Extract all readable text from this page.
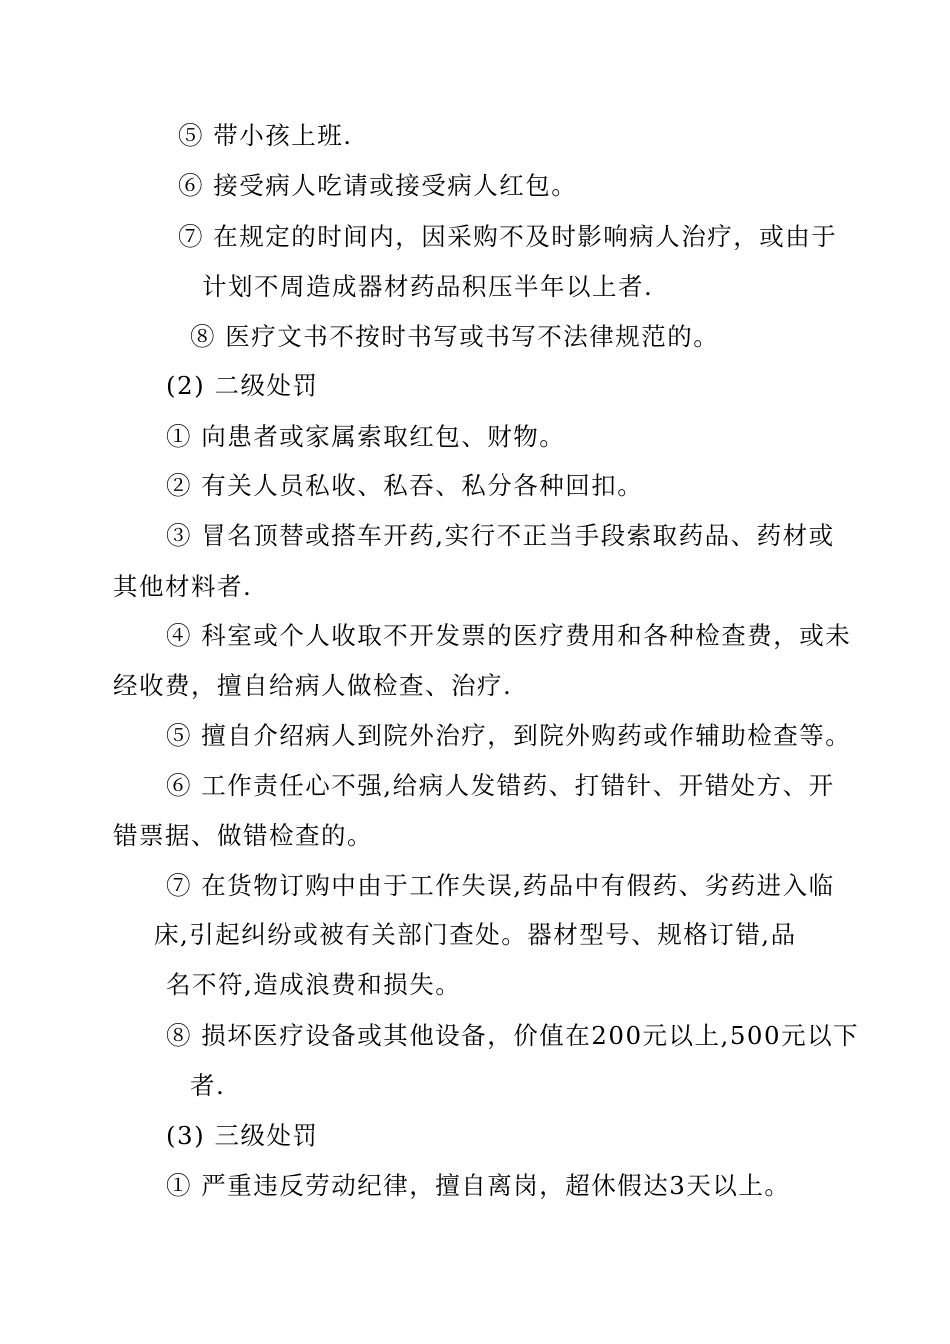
⑤ 带小孩上班.
⑥ 接受病人吃请或接受病人红包。
⑦ 在规定的时间内，因采购不及时影响病人治疗，或由于
计划不周造成器材药品积压半年以上者.
⑧ 医疗文书不按时书写或书写不法律规范的。
(2) 二级处罚
① 向患者或家属索取红包、财物。
② 有关人员私收、私吞、私分各种回扣。
③ 冒名顶替或搭车开药,实行不正当手段索取药品、药材或
其他材料者.
④ 科室或个人收取不开发票的医疗费用和各种检查费，或未
经收费，擅自给病人做检查、治疗.
⑤ 擅自介绍病人到院外治疗，到院外购药或作辅助检查等。
⑥ 工作责任心不强,给病人发错药、打错针、开错处方、开
错票据、做错检查的。
⑦ 在货物订购中由于工作失误,药品中有假药、劣药进入临
床,引起纠纷或被有关部门查处。器材型号、规格订错,品
名不符,造成浪费和损失。
⑧ 损坏医疗设备或其他设备，价值在200元以上,500元以下
者.
(3) 三级处罚
① 严重违反劳动纪律，擅自离岗，超休假达3天以上。
